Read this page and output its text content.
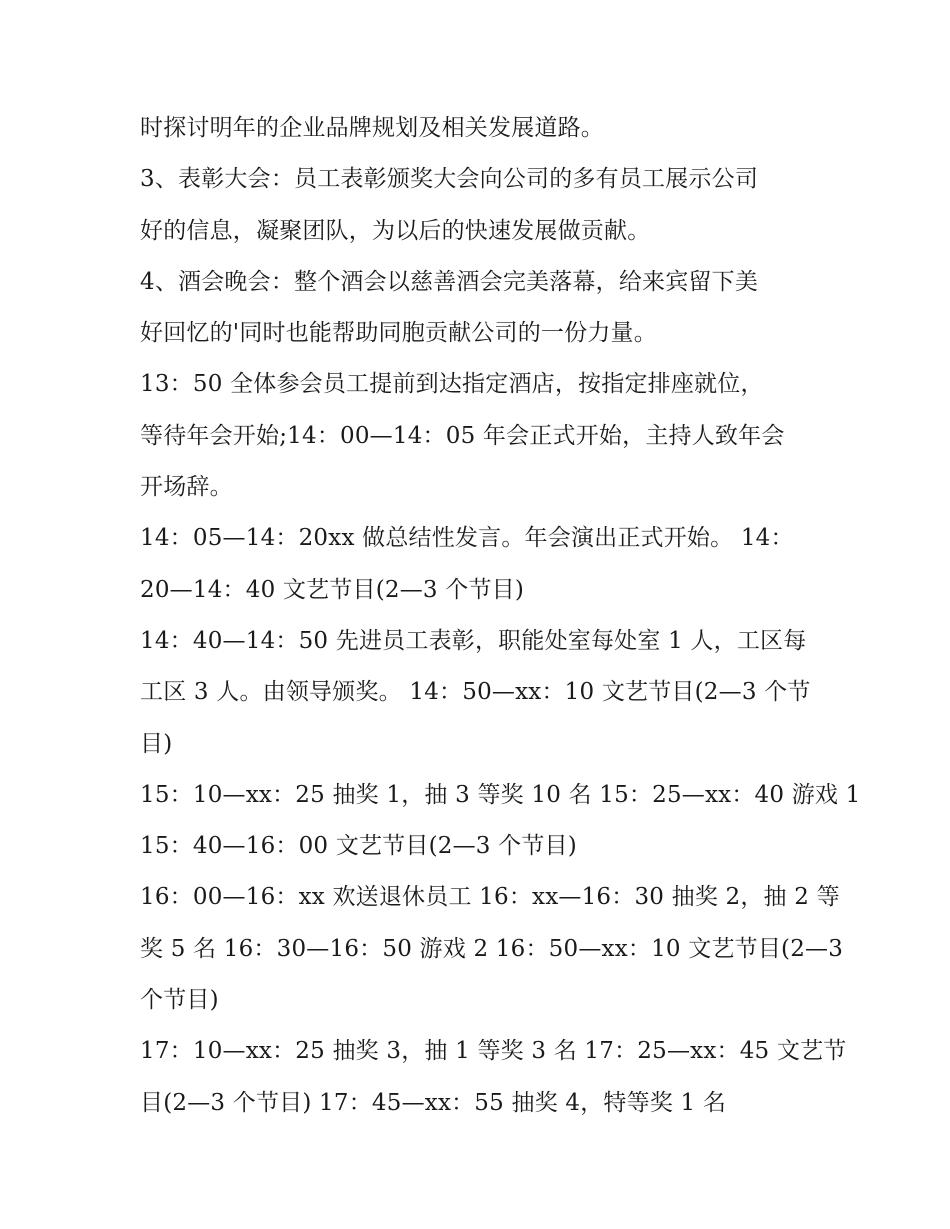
时探讨明年的企业品牌规划及相关发展道路。
3、表彰大会：员工表彰颁奖大会向公司的多有员工展示公司
好的信息，凝聚团队，为以后的快速发展做贡献。
4、酒会晚会：整个酒会以慈善酒会完美落幕，给来宾留下美
好回忆的'同时也能帮助同胞贡献公司的一份力量。
13：50 全体参会员工提前到达指定酒店，按指定排座就位，
等待年会开始;14：00—14：05 年会正式开始，主持人致年会
开场辞。
14：05—14：20xx 做总结性发言。年会演出正式开始。 14：
20—14：40 文艺节目(2—3 个节目)
14：40—14：50 先进员工表彰，职能处室每处室 1 人，工区每
工区 3 人。由领导颁奖。 14：50—xx：10 文艺节目(2—3 个节
目)
15：10—xx：25 抽奖 1，抽 3 等奖 10 名 15：25—xx：40 游戏 1
15：40—16：00 文艺节目(2—3 个节目)
16：00—16：xx 欢送退休员工 16：xx—16：30 抽奖 2，抽 2 等
奖 5 名 16：30—16：50 游戏 2 16：50—xx：10 文艺节目(2—3
个节目)
17：10—xx：25 抽奖 3，抽 1 等奖 3 名 17：25—xx：45 文艺节
目(2—3 个节目) 17：45—xx：55 抽奖 4，特等奖 1 名
